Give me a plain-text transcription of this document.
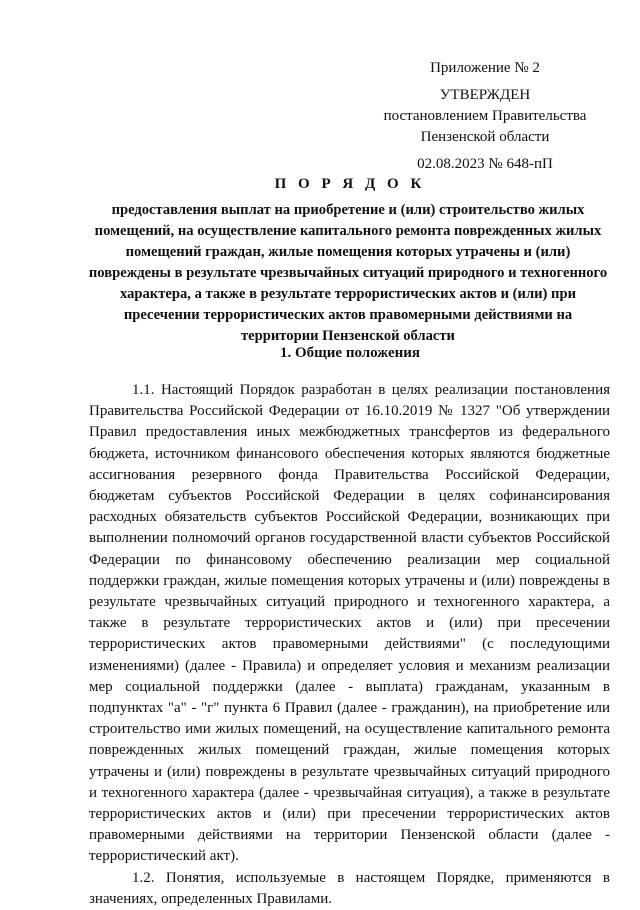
Приложение № 2
УТВЕРЖДЕН
постановлением Правительства
Пензенской области
02.08.2023 № 648-пП
П О Р Я Д О К
предоставления выплат на приобретение и (или) строительство жилых помещений, на осуществление капитального ремонта поврежденных жилых помещений граждан, жилые помещения которых утрачены и (или) повреждены в результате чрезвычайных ситуаций природного и техногенного характера, а также в результате террористических актов и (или) при пресечении террористических актов правомерными действиями на территории Пензенской области
1. Общие положения

1.1. Настоящий Порядок разработан в целях реализации постановления Правительства Российской Федерации от 16.10.2019 № 1327 "Об утверждении Правил предоставления иных межбюджетных трансфертов из федерального бюджета, источником финансового обеспечения которых являются бюджетные ассигнования резервного фонда Правительства Российской Федерации, бюджетам субъектов Российской Федерации в целях софинансирования расходных обязательств субъектов Российской Федерации, возникающих при выполнении полномочий органов государственной власти субъектов Российской Федерации по финансовому обеспечению реализации мер социальной поддержки граждан, жилые помещения которых утрачены и (или) повреждены в результате чрезвычайных ситуаций природного и техногенного характера, а также в результате террористических актов и (или) при пресечении террористических актов правомерными действиями" (с последующими изменениями) (далее - Правила) и определяет условия и механизм реализации мер социальной поддержки (далее - выплата) гражданам, указанным в подпунктах "а" - "г" пункта 6 Правил (далее - гражданин), на приобретение или строительство ими жилых помещений, на осуществление капитального ремонта поврежденных жилых помещений граждан, жилые помещения которых утрачены и (или) повреждены в результате чрезвычайных ситуаций природного и техногенного характера (далее - чрезвычайная ситуация), а также в результате террористических актов и (или) при пресечении террористических актов правомерными действиями на территории Пензенской области (далее - террористический акт).

1.2. Понятия, используемые в настоящем Порядке, применяются в значениях, определенных Правилами.
